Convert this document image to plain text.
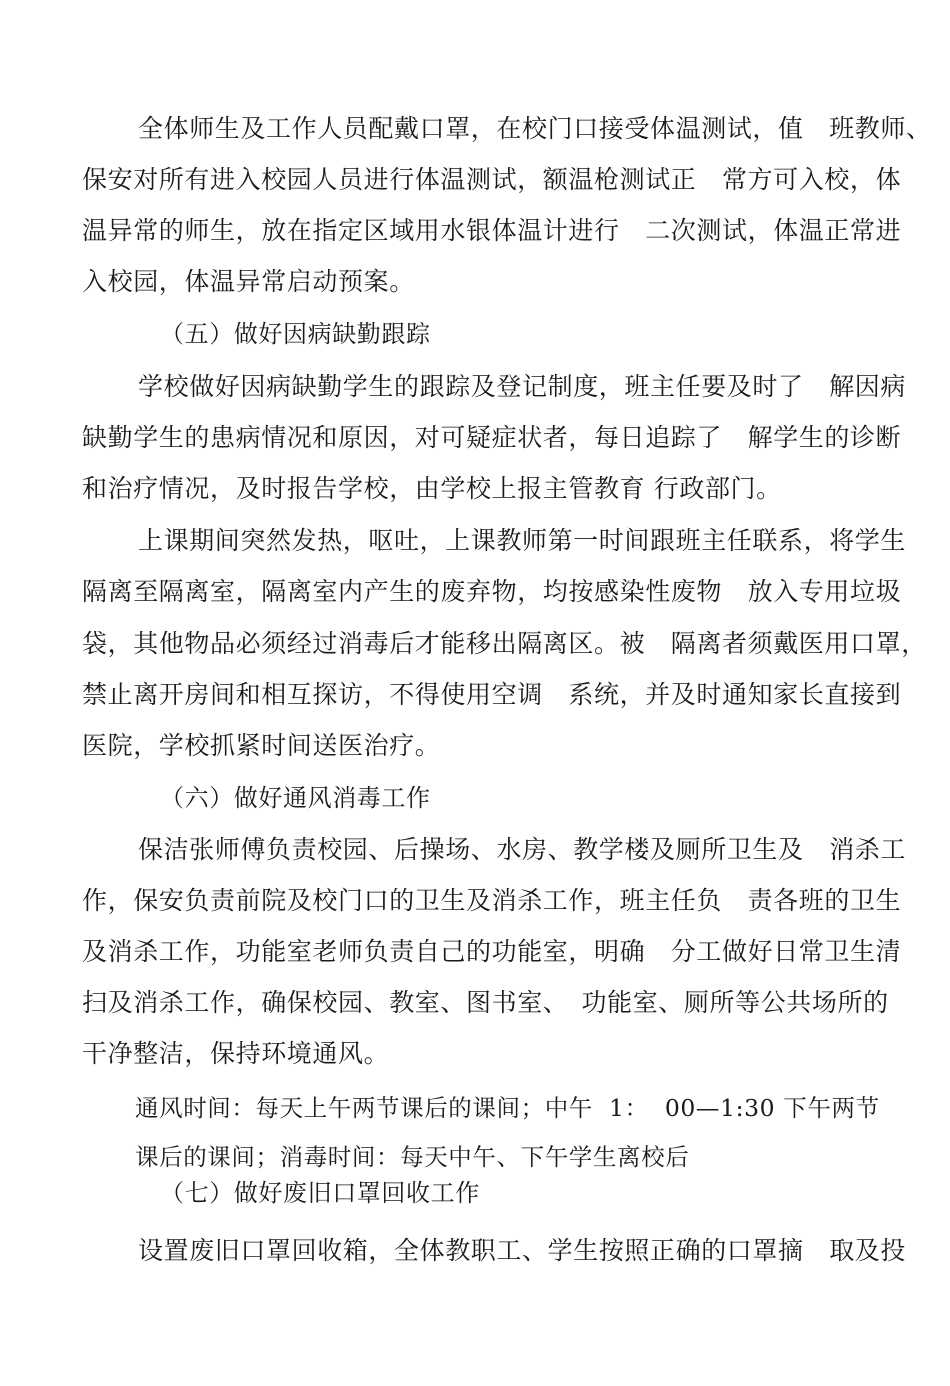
全体师生及工作人员配戴口罩，在校门口接受体温测试，值　班教师、
保安对所有进入校园人员进行体温测试，额温枪测试正　常方可入校，体
温异常的师生，放在指定区域用水银体温计进行　二次测试，体温正常进
入校园，体温异常启动预案。
（五）做好因病缺勤跟踪
学校做好因病缺勤学生的跟踪及登记制度，班主任要及时了　解因病
缺勤学生的患病情况和原因，对可疑症状者，每日追踪了　解学生的诊断
和治疗情况，及时报告学校，由学校上报主管教育 行政部门。
上课期间突然发热，呕吐，上课教师第一时间跟班主任联系，将学生
隔离至隔离室，隔离室内产生的废弃物，均按感染性废物　放入专用垃圾
袋，其他物品必须经过消毒后才能移出隔离区。被　隔离者须戴医用口罩，
禁止离开房间和相互探访，不得使用空调　系统，并及时通知家长直接到
医院，学校抓紧时间送医治疗。
（六）做好通风消毒工作
保洁张师傅负责校园、后操场、水房、教学楼及厕所卫生及　消杀工
作，保安负责前院及校门口的卫生及消杀工作，班主任负　责各班的卫生
及消杀工作，功能室老师负责自己的功能室，明确　分工做好日常卫生清
扫及消杀工作，确保校园、教室、图书室、　功能室、厕所等公共场所的
干净整洁，保持环境通风。
通风时间：每天上午两节课后的课间；中午  1：  00—1:30 下午两节
课后的课间；消毒时间：每天中午、下午学生离校后
（七）做好废旧口罩回收工作
设置废旧口罩回收箱，全体教职工、学生按照正确的口罩摘　取及投
